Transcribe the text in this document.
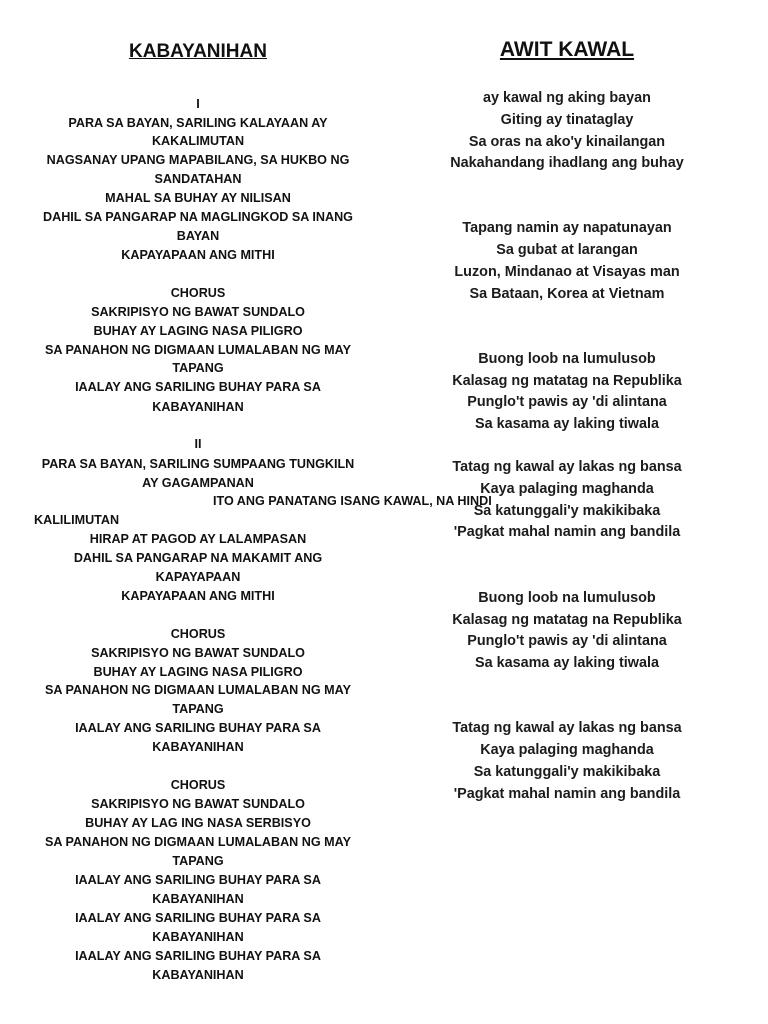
KABAYANIHAN
I
PARA SA BAYAN, SARILING KALAYAAN AY
KAKALIMUTAN
NAGSANAY UPANG MAPABILANG, SA HUKBO NG
SANDATAHAN
MAHAL SA BUHAY AY NILISAN
DAHIL SA PANGARAP NA MAGLINGKOD SA INANG
BAYAN
KAPAYAPAAN ANG MITHI
CHORUS
SAKRIPISYO NG BAWAT SUNDALO
BUHAY AY LAGING NASA PILIGRO
SA PANAHON NG DIGMAAN LUMALABAN NG MAY
TAPANG
IAALAY ANG SARILING BUHAY PARA SA
KABAYANIHAN
II
PARA SA BAYAN, SARILING SUMPAANG TUNGKILN
AY GAGAMPANAN
ITO ANG PANATANG ISANG KAWAL, NA HINDI
KALILIMUTAN
HIRAP AT PAGOD AY LALAMPASAN
DAHIL SA PANGARAP NA MAKAMIT ANG
KAPAYAPAAN
KAPAYAPAAN ANG MITHI
CHORUS
SAKRIPISYO NG BAWAT SUNDALO
BUHAY AY LAGING NASA PILIGRO
SA PANAHON NG DIGMAAN LUMALABAN NG MAY
TAPANG
IAALAY ANG SARILING BUHAY PARA SA
KABAYANIHAN
CHORUS
SAKRIPISYO NG BAWAT SUNDALO
BUHAY AY LAG ING NASA SERBISYO
SA PANAHON NG DIGMAAN LUMALABAN NG MAY
TAPANG
IAALAY ANG SARILING BUHAY PARA SA
KABAYANIHAN
IAALAY ANG SARILING BUHAY PARA SA
KABAYANIHAN
IAALAY ANG SARILING BUHAY PARA SA
KABAYANIHAN
AWIT KAWAL
ay kawal ng aking bayan
Giting ay tinataglay
Sa oras na ako'y kinailangan
Nakahandang ihadlang ang buhay
Tapang namin ay napatunayan
Sa gubat at larangan
Luzon, Mindanao at Visayas man
Sa Bataan, Korea at Vietnam
Buong loob na lumulusob
Kalasag ng matatag na Republika
Punglo't pawis ay 'di alintana
Sa kasama ay laking tiwala
Tatag ng kawal ay lakas ng bansa
Kaya palaging maghanda
Sa katunggali'y makikibaka
'Pagkat mahal namin ang bandila
Buong loob na lumulusob
Kalasag ng matatag na Republika
Punglo't pawis ay 'di alintana
Sa kasama ay laking tiwala
Tatag ng kawal ay lakas ng bansa
Kaya palaging maghanda
Sa katunggali'y makikibaka
'Pagkat mahal namin ang bandila
